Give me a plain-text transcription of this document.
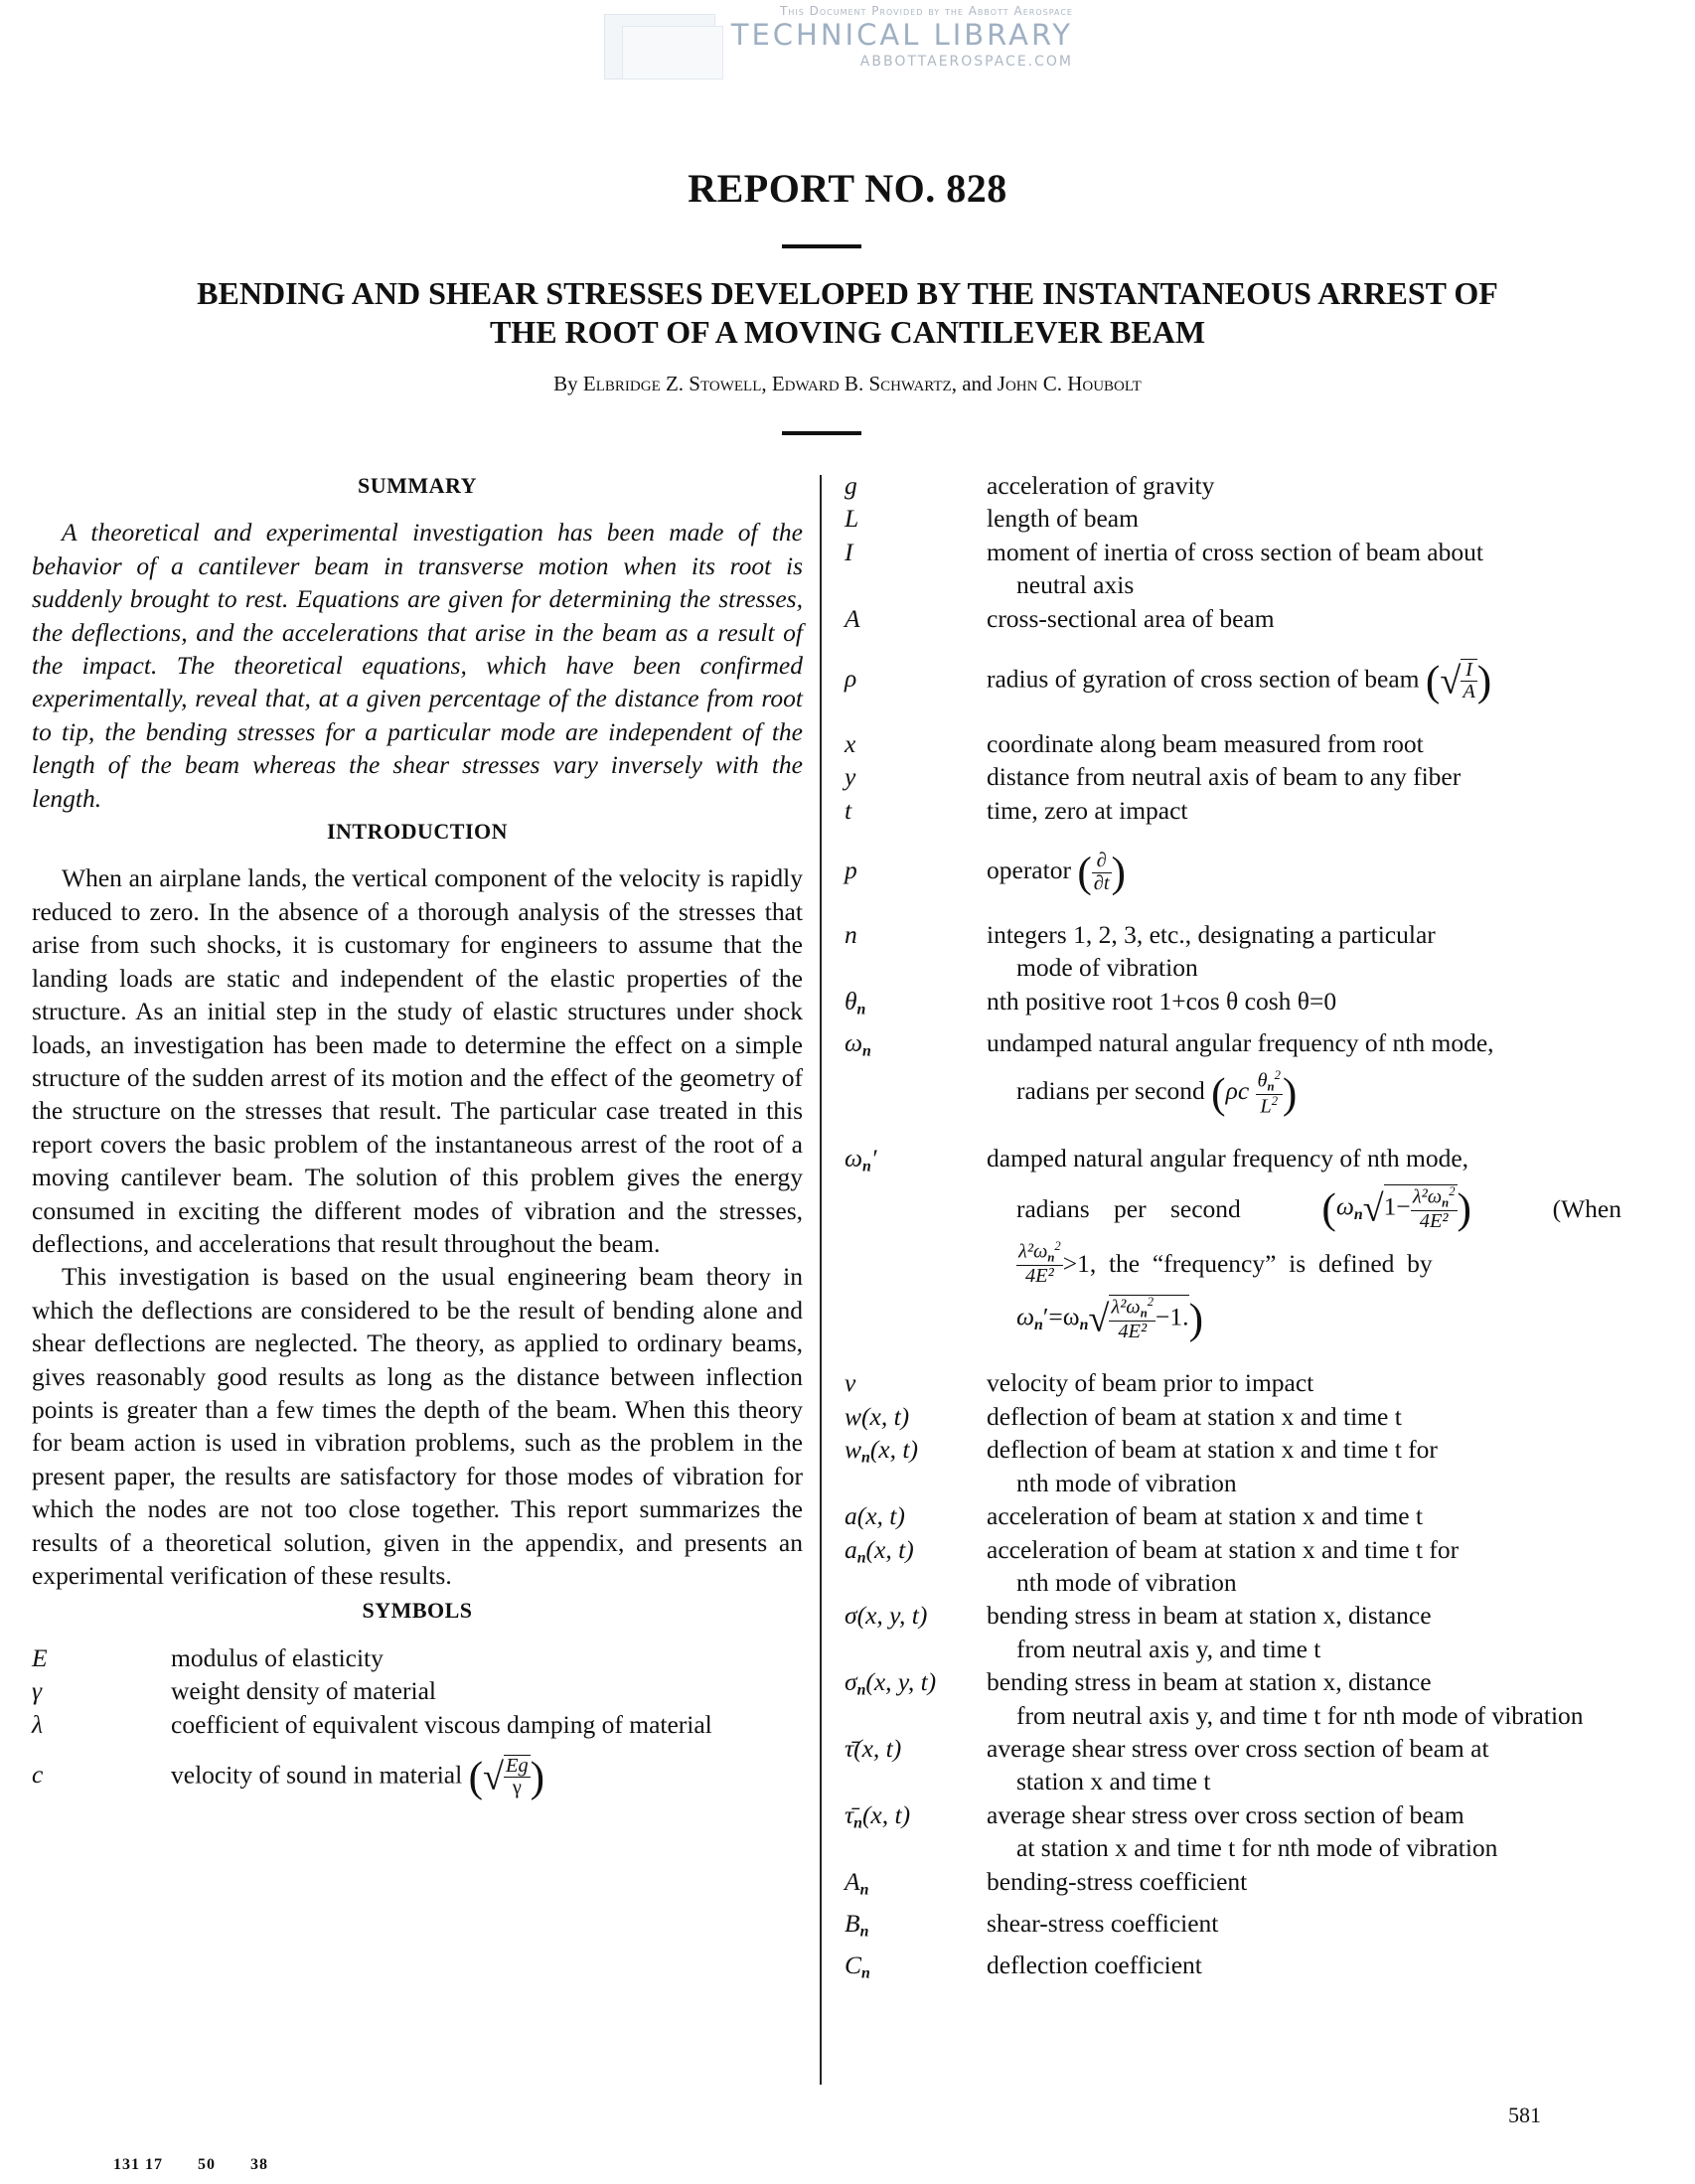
This Document Provided by the Abbott Aerospace
TECHNICAL LIBRARY
ABBOTTAEROSPACE.COM
REPORT NO. 828
BENDING AND SHEAR STRESSES DEVELOPED BY THE INSTANTANEOUS ARREST OF
THE ROOT OF A MOVING CANTILEVER BEAM
By Elbridge Z. Stowell, Edward B. Schwartz, and John C. Houbolt
SUMMARY

A theoretical and experimental investigation has been made of the behavior of a cantilever beam in transverse motion when its root is suddenly brought to rest. Equations are given for determining the stresses, the deflections, and the accelerations that arise in the beam as a result of the impact. The theoretical equations, which have been confirmed experimentally, reveal that, at a given percentage of the distance from root to tip, the bending stresses for a particular mode are independent of the length of the beam whereas the shear stresses vary inversely with the length.

INTRODUCTION

When an airplane lands, the vertical component of the velocity is rapidly reduced to zero. In the absence of a thorough analysis of the stresses that arise from such shocks, it is customary for engineers to assume that the landing loads are static and independent of the elastic properties of the structure. As an initial step in the study of elastic structures under shock loads, an investigation has been made to determine the effect on a simple structure of the sudden arrest of its motion and the effect of the geometry of the structure on the stresses that result. The particular case treated in this report covers the basic problem of the instantaneous arrest of the root of a moving cantilever beam. The solution of this problem gives the energy consumed in exciting the different modes of vibration and the stresses, deflections, and accelerations that result throughout the beam.

This investigation is based on the usual engineering beam theory in which the deflections are considered to be the result of bending alone and shear deflections are neglected. The theory, as applied to ordinary beams, gives reasonably good results as long as the distance between inflection points is greater than a few times the depth of the beam. When this theory for beam action is used in vibration problems, such as the problem in the present paper, the results are satisfactory for those modes of vibration for which the nodes are not too close together. This report summarizes the results of a theoretical solution, given in the appendix, and presents an experimental verification of these results.

SYMBOLS
E	modulus of elasticity
γ	weight density of material
λ	coefficient of equivalent viscous damping of material
c	velocity of sound in material (√ $\frac{Eg}{\gamma}$ )
g	acceleration of gravity
L	length of beam
I	moment of inertia of cross section of beam about
neutral axis
A	cross-sectional area of beam
ρ	radius of gyration of cross section of beam (√ $\frac{I}{A}$ )
x	coordinate along beam measured from root
y	distance from neutral axis of beam to any fiber
t	time, zero at impact
p	operator ( $\frac{\partial}{\partial t}$ )
n	integers 1, 2, 3, etc., designating a particular
mode of vibration
$\theta_n$	nth positive root 1+cos θ cosh θ=0
$\omega_n$	undamped natural angular frequency of nth mode,
radians per second ($\rho c \frac{\theta_n^2}{L^2}$ )
$\omega_n'$	damped natural angular frequency of nth mode,
radians per second ($\omega_n√1- \frac{\lambda^2\omega_n^2}{\text{4E²}}$ )	(When
$\frac{\lambda^2\omega_n^2}{\text{4E²}} >1$,  the  “frequency”  is  defined  by
$\omega_n'=\omega_n√ \frac{\lambda^2\omega_n^2}{\text{4E²}} -1$.)
v	velocity of beam prior to impact
w(x, t)	deflection of beam at station x and time t
$w_n(x$, t)	deflection of beam at station x and time t for
nth mode of vibration
a(x, t)	acceleration of beam at station x and time t
$a_n(x$, t)	acceleration of beam at station x and time t for
nth mode of vibration
σ(x, y, t)	bending stress in beam at station x, distance
from neutral axis y, and time t
$\sigma_n(x$, y, t)	bending stress in beam at station x, distance
from neutral axis y, and time t for nth mode of vibration
τ̄(x, t)	average shear stress over cross section of beam at
station x and time t
$\taū_n(x$, t)	average shear stress over cross section of beam
at station x and time t for nth mode of vibration
$A_n$	bending-stress coefficient
$B_n$	shear-stress coefficient
$C_n$	deflection coefficient
581
131 17 50 38
